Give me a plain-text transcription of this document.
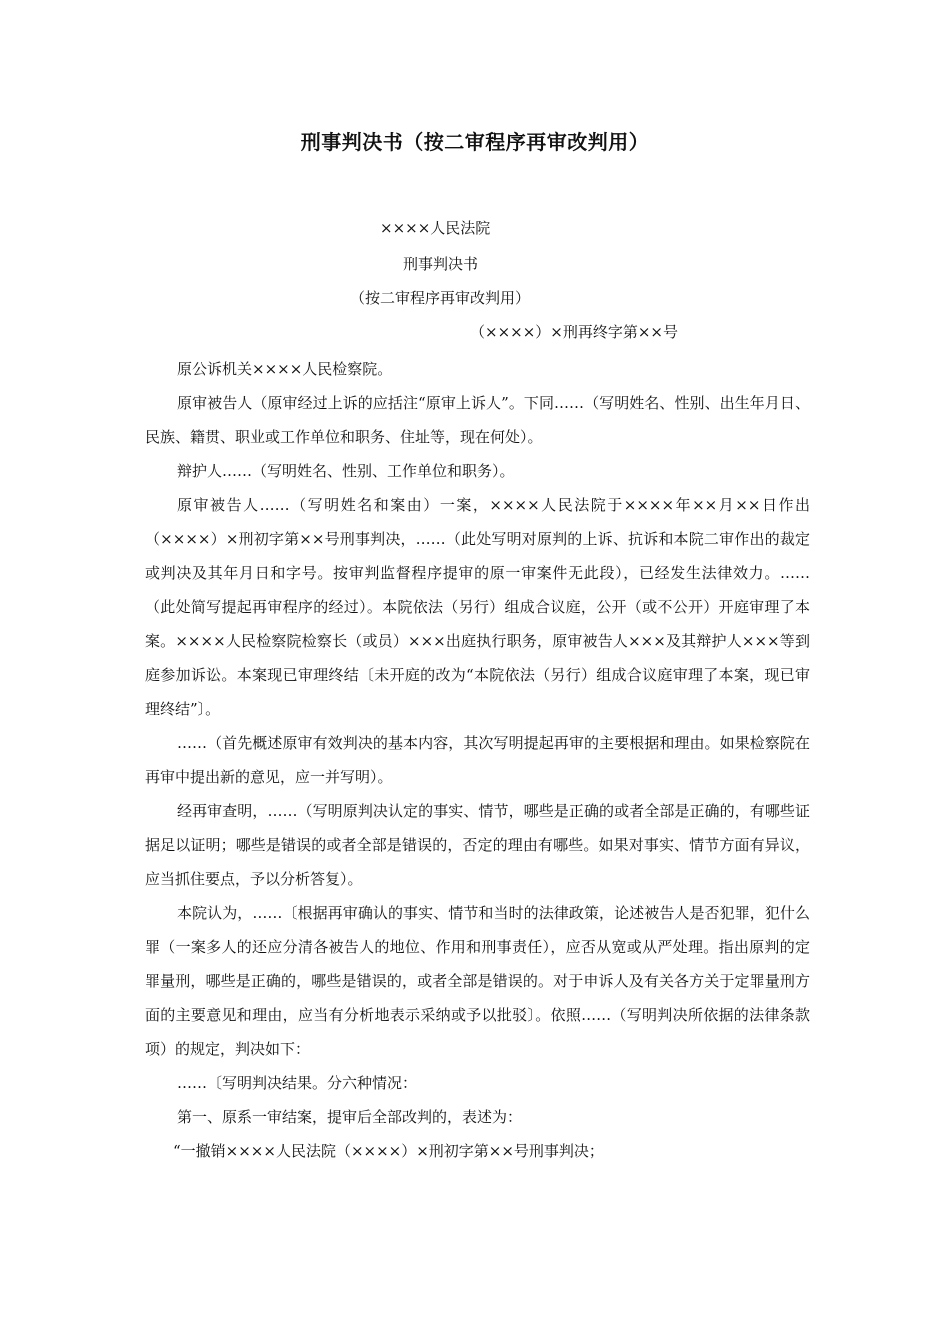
刑事判决书（按二审程序再审改判用）
××××人民法院
刑事判决书
（按二审程序再审改判用）
（××××）×刑再终字第××号

原公诉机关××××人民检察院。

原审被告人（原审经过上诉的应括注“原审上诉人”。下同……（写明姓名、性别、出生年月日、民族、籍贯、职业或工作单位和职务、住址等，现在何处）。

辩护人……（写明姓名、性别、工作单位和职务）。

原审被告人……（写明姓名和案由）一案，××××人民法院于××××年××月××日作出（××××）×刑初字第××号刑事判决，……（此处写明对原判的上诉、抗诉和本院二审作出的裁定或判决及其年月日和字号。按审判监督程序提审的原一审案件无此段），已经发生法律效力。……（此处简写提起再审程序的经过）。本院依法（另行）组成合议庭，公开（或不公开）开庭审理了本案。××××人民检察院检察长（或员）×××出庭执行职务，原审被告人×××及其辩护人×××等到庭参加诉讼。本案现已审理终结〔未开庭的改为“本院依法（另行）组成合议庭审理了本案，现已审理终结”〕。

……（首先概述原审有效判决的基本内容，其次写明提起再审的主要根据和理由。如果检察院在再审中提出新的意见，应一并写明）。

经再审查明，……（写明原判决认定的事实、情节，哪些是正确的或者全部是正确的，有哪些证据足以证明；哪些是错误的或者全部是错误的，否定的理由有哪些。如果对事实、情节方面有异议，应当抓住要点，予以分析答复）。

本院认为，……〔根据再审确认的事实、情节和当时的法律政策，论述被告人是否犯罪，犯什么罪（一案多人的还应分清各被告人的地位、作用和刑事责任），应否从宽或从严处理。指出原判的定罪量刑，哪些是正确的，哪些是错误的，或者全部是错误的。对于申诉人及有关各方关于定罪量刑方面的主要意见和理由，应当有分析地表示采纳或予以批驳〕。依照……（写明判决所依据的法律条款项）的规定，判决如下：

……〔写明判决结果。分六种情况：

第一、原系一审结案，提审后全部改判的，表述为：

“一撤销××××人民法院（××××）×刑初字第××号刑事判决；
